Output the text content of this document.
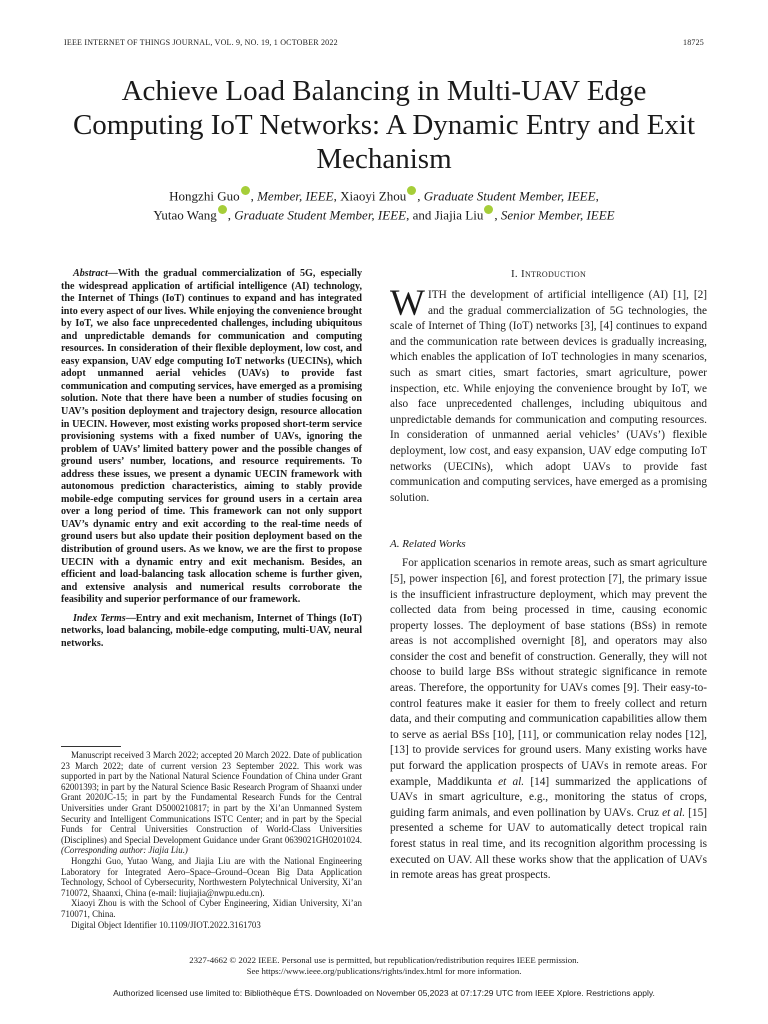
IEEE INTERNET OF THINGS JOURNAL, VOL. 9, NO. 19, 1 OCTOBER 2022	18725
Achieve Load Balancing in Multi-UAV Edge Computing IoT Networks: A Dynamic Entry and Exit Mechanism
Hongzhi Guo , Member, IEEE, Xiaoyi Zhou , Graduate Student Member, IEEE,
Yutao Wang , Graduate Student Member, IEEE, and Jiajia Liu , Senior Member, IEEE

Abstract—With the gradual commercialization of 5G, especially the widespread application of artificial intelligence (AI) technology, the Internet of Things (IoT) continues to expand and has integrated into every aspect of our lives. While enjoying the convenience brought by IoT, we also face unprecedented challenges, including ubiquitous and unpredictable demands for communication and computing resources. In consideration of their flexible deployment, low cost, and easy expansion, UAV edge computing IoT networks (UECINs), which adopt unmanned aerial vehicles (UAVs) to provide fast communication and computing services, have emerged as a promising solution. Note that there have been a number of studies focusing on UAV’s position deployment and trajectory design, resource allocation in UECIN. However, most existing works proposed short-term service provisioning systems with a fixed number of UAVs, ignoring the problem of UAVs’ limited battery power and the possible changes of ground users’ number, locations, and resource requirements. To address these issues, we present a dynamic UECIN framework with autonomous prediction characteristics, aiming to stably provide mobile-edge computing services for ground users in a certain area over a long period of time. This framework can not only support UAV’s dynamic entry and exit according to the real-time needs of ground users but also update their position deployment based on the distribution of ground users. As we know, we are the first to propose UECIN with a dynamic entry and exit mechanism. Besides, an efficient and load-balancing task allocation scheme is further given, and extensive analysis and numerical results corroborate the feasibility and superior performance of our framework.

Index Terms—Entry and exit mechanism, Internet of Things (IoT) networks, load balancing, mobile-edge computing, multi-UAV, neural networks.

Manuscript received 3 March 2022; accepted 20 March 2022. Date of publication 23 March 2022; date of current version 23 September 2022. This work was supported in part by the National Natural Science Foundation of China under Grant 62001393; in part by the Natural Science Basic Research Program of Shaanxi under Grant 2020JC-15; in part by the Fundamental Research Funds for the Central Universities under Grant D5000210817; in part by the Xi’an Unmanned System Security and Intelligent Communications ISTC Center; and in part by the Special Funds for Central Universities Construction of World-Class Universities (Disciplines) and Special Development Guidance under Grant 0639021GH0201024. (Corresponding author: Jiajia Liu.)

Hongzhi Guo, Yutao Wang, and Jiajia Liu are with the National Engineering Laboratory for Integrated Aero–Space–Ground–Ocean Big Data Application Technology, School of Cybersecurity, Northwestern Polytechnical University, Xi’an 710072, Shaanxi, China (e-mail: liujiajia@nwpu.edu.cn).

Xiaoyi Zhou is with the School of Cyber Engineering, Xidian University, Xi’an 710071, China.

Digital Object Identifier 10.1109/JIOT.2022.3161703

I. Introduction

WITH the development of artificial intelligence (AI) [1], [2] and the gradual commercialization of 5G technologies, the scale of Internet of Thing (IoT) networks [3], [4] continues to expand and the communication rate between devices is gradually increasing, which enables the application of IoT technologies in many scenarios, such as smart cities, smart factories, smart agriculture, power inspection, etc. While enjoying the convenience brought by IoT, we also face unprecedented challenges, including ubiquitous and unpredictable demands for communication and computing resources. In consideration of unmanned aerial vehicles’ (UAVs’) flexible deployment, low cost, and easy expansion, UAV edge computing IoT networks (UECINs), which adopt UAVs to provide fast communication and computing services, have emerged as a promising solution.

A. Related Works

For application scenarios in remote areas, such as smart agriculture [5], power inspection [6], and forest protection [7], the primary issue is the insufficient infrastructure deployment, which may prevent the collected data from being processed in time, causing economic property losses. The deployment of base stations (BSs) in remote areas is not accomplished overnight [8], and operators may also consider the cost and benefit of construction. Generally, they will not choose to build large BSs without strategic significance in remote areas. Therefore, the opportunity for UAVs comes [9]. Their easy-to-control features make it easier for them to freely collect and return data, and their computing and communication capabilities allow them to serve as aerial BSs [10], [11], or communication relay nodes [12], [13] to provide services for ground users. Many existing works have put forward the application prospects of UAVs in remote areas. For example, Maddikunta et al. [14] summarized the applications of UAVs in smart agriculture, e.g., monitoring the status of crops, guiding farm animals, and even pollination by UAVs. Cruz et al. [15] presented a scheme for UAV to automatically detect tropical rain forest status in real time, and its recognition algorithm processing is executed on UAV. All these works show that the application of UAVs in remote areas has great prospects.

2327-4662 © 2022 IEEE. Personal use is permitted, but republication/redistribution requires IEEE permission.
See https://www.ieee.org/publications/rights/index.html for more information.
Authorized licensed use limited to: Bibliothèque ÉTS. Downloaded on November 05,2023 at 07:17:29 UTC from IEEE Xplore. Restrictions apply.
